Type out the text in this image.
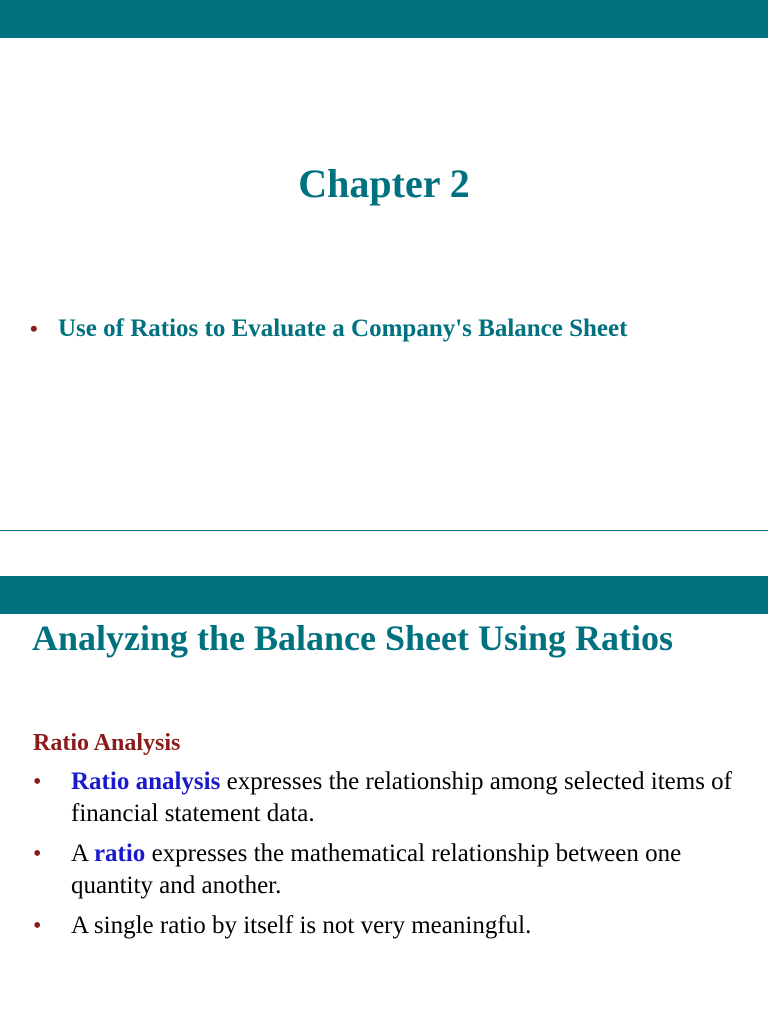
Chapter 2
• Use of Ratios to Evaluate a Company's Balance Sheet
Analyzing the Balance Sheet Using Ratios
Ratio Analysis
•	Ratio analysis expresses the relationship among selected items of financial statement data.
•	A ratio expresses the mathematical relationship between one quantity and another.
•	A single ratio by itself is not very meaningful.
